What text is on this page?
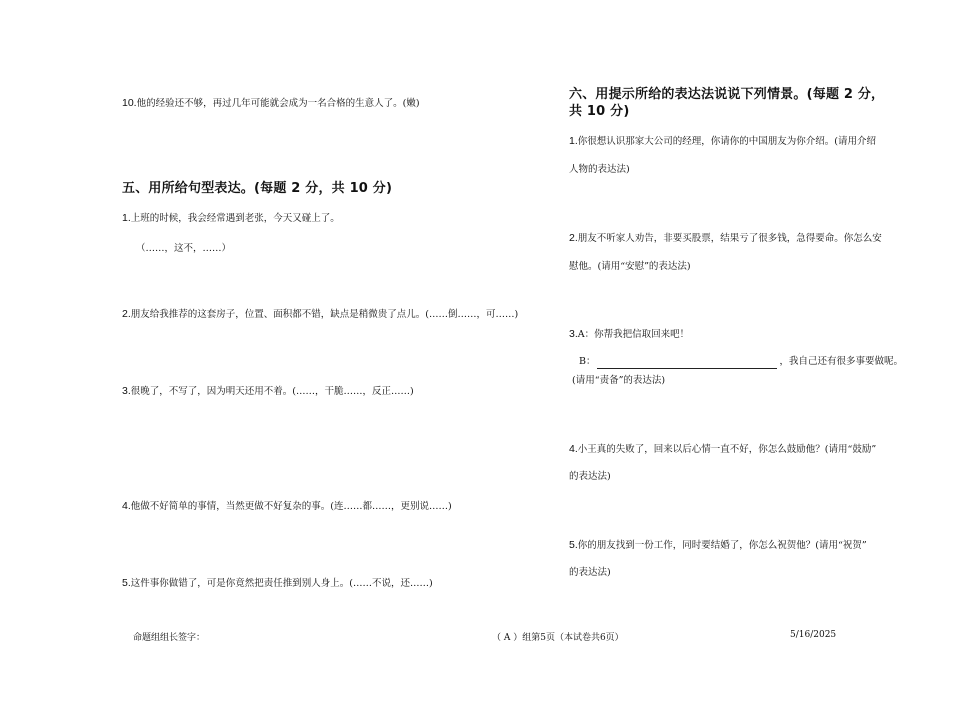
10.他的经验还不够，再过几年可能就会成为一名合格的生意人了。(嫩)
五、用所给句型表达。(每题 2 分，共 10 分)
1.上班的时候，我会经常遇到老张，今天又碰上了。
（……，这不，……）
2.朋友给我推荐的这套房子，位置、面积都不错，缺点是稍微贵了点儿。(……倒……，可……)
3.很晚了，不写了，因为明天还用不着。(……，干脆……，反正……)
4.他做不好简单的事情，当然更做不好复杂的事。(连……都……，更别说……)
5.这件事你做错了，可是你竟然把责任推到别人身上。(……不说，还……)
六、用提示所给的表达法说说下列情景。(每题 2 分，
共 10 分)
1.你很想认识那家大公司的经理，你请你的中国朋友为你介绍。(请用介绍
人物的表达法)
2.朋友不听家人劝告，非要买股票，结果亏了很多钱，急得要命。你怎么安
慰他。(请用“安慰”的表达法)
3.A：你帮我把信取回来吧！
B：	，我自己还有很多事要做呢。
(请用“责备”的表达法)
4.小王真的失败了，回来以后心情一直不好，你怎么鼓励他？(请用“鼓励”
的表达法)
5.你的朋友找到一份工作，同时要结婚了，你怎么祝贺他？(请用“祝贺”
的表达法)
命题组组长签字：	（ A ）组第5页（本试卷共6页）	5/16/2025
